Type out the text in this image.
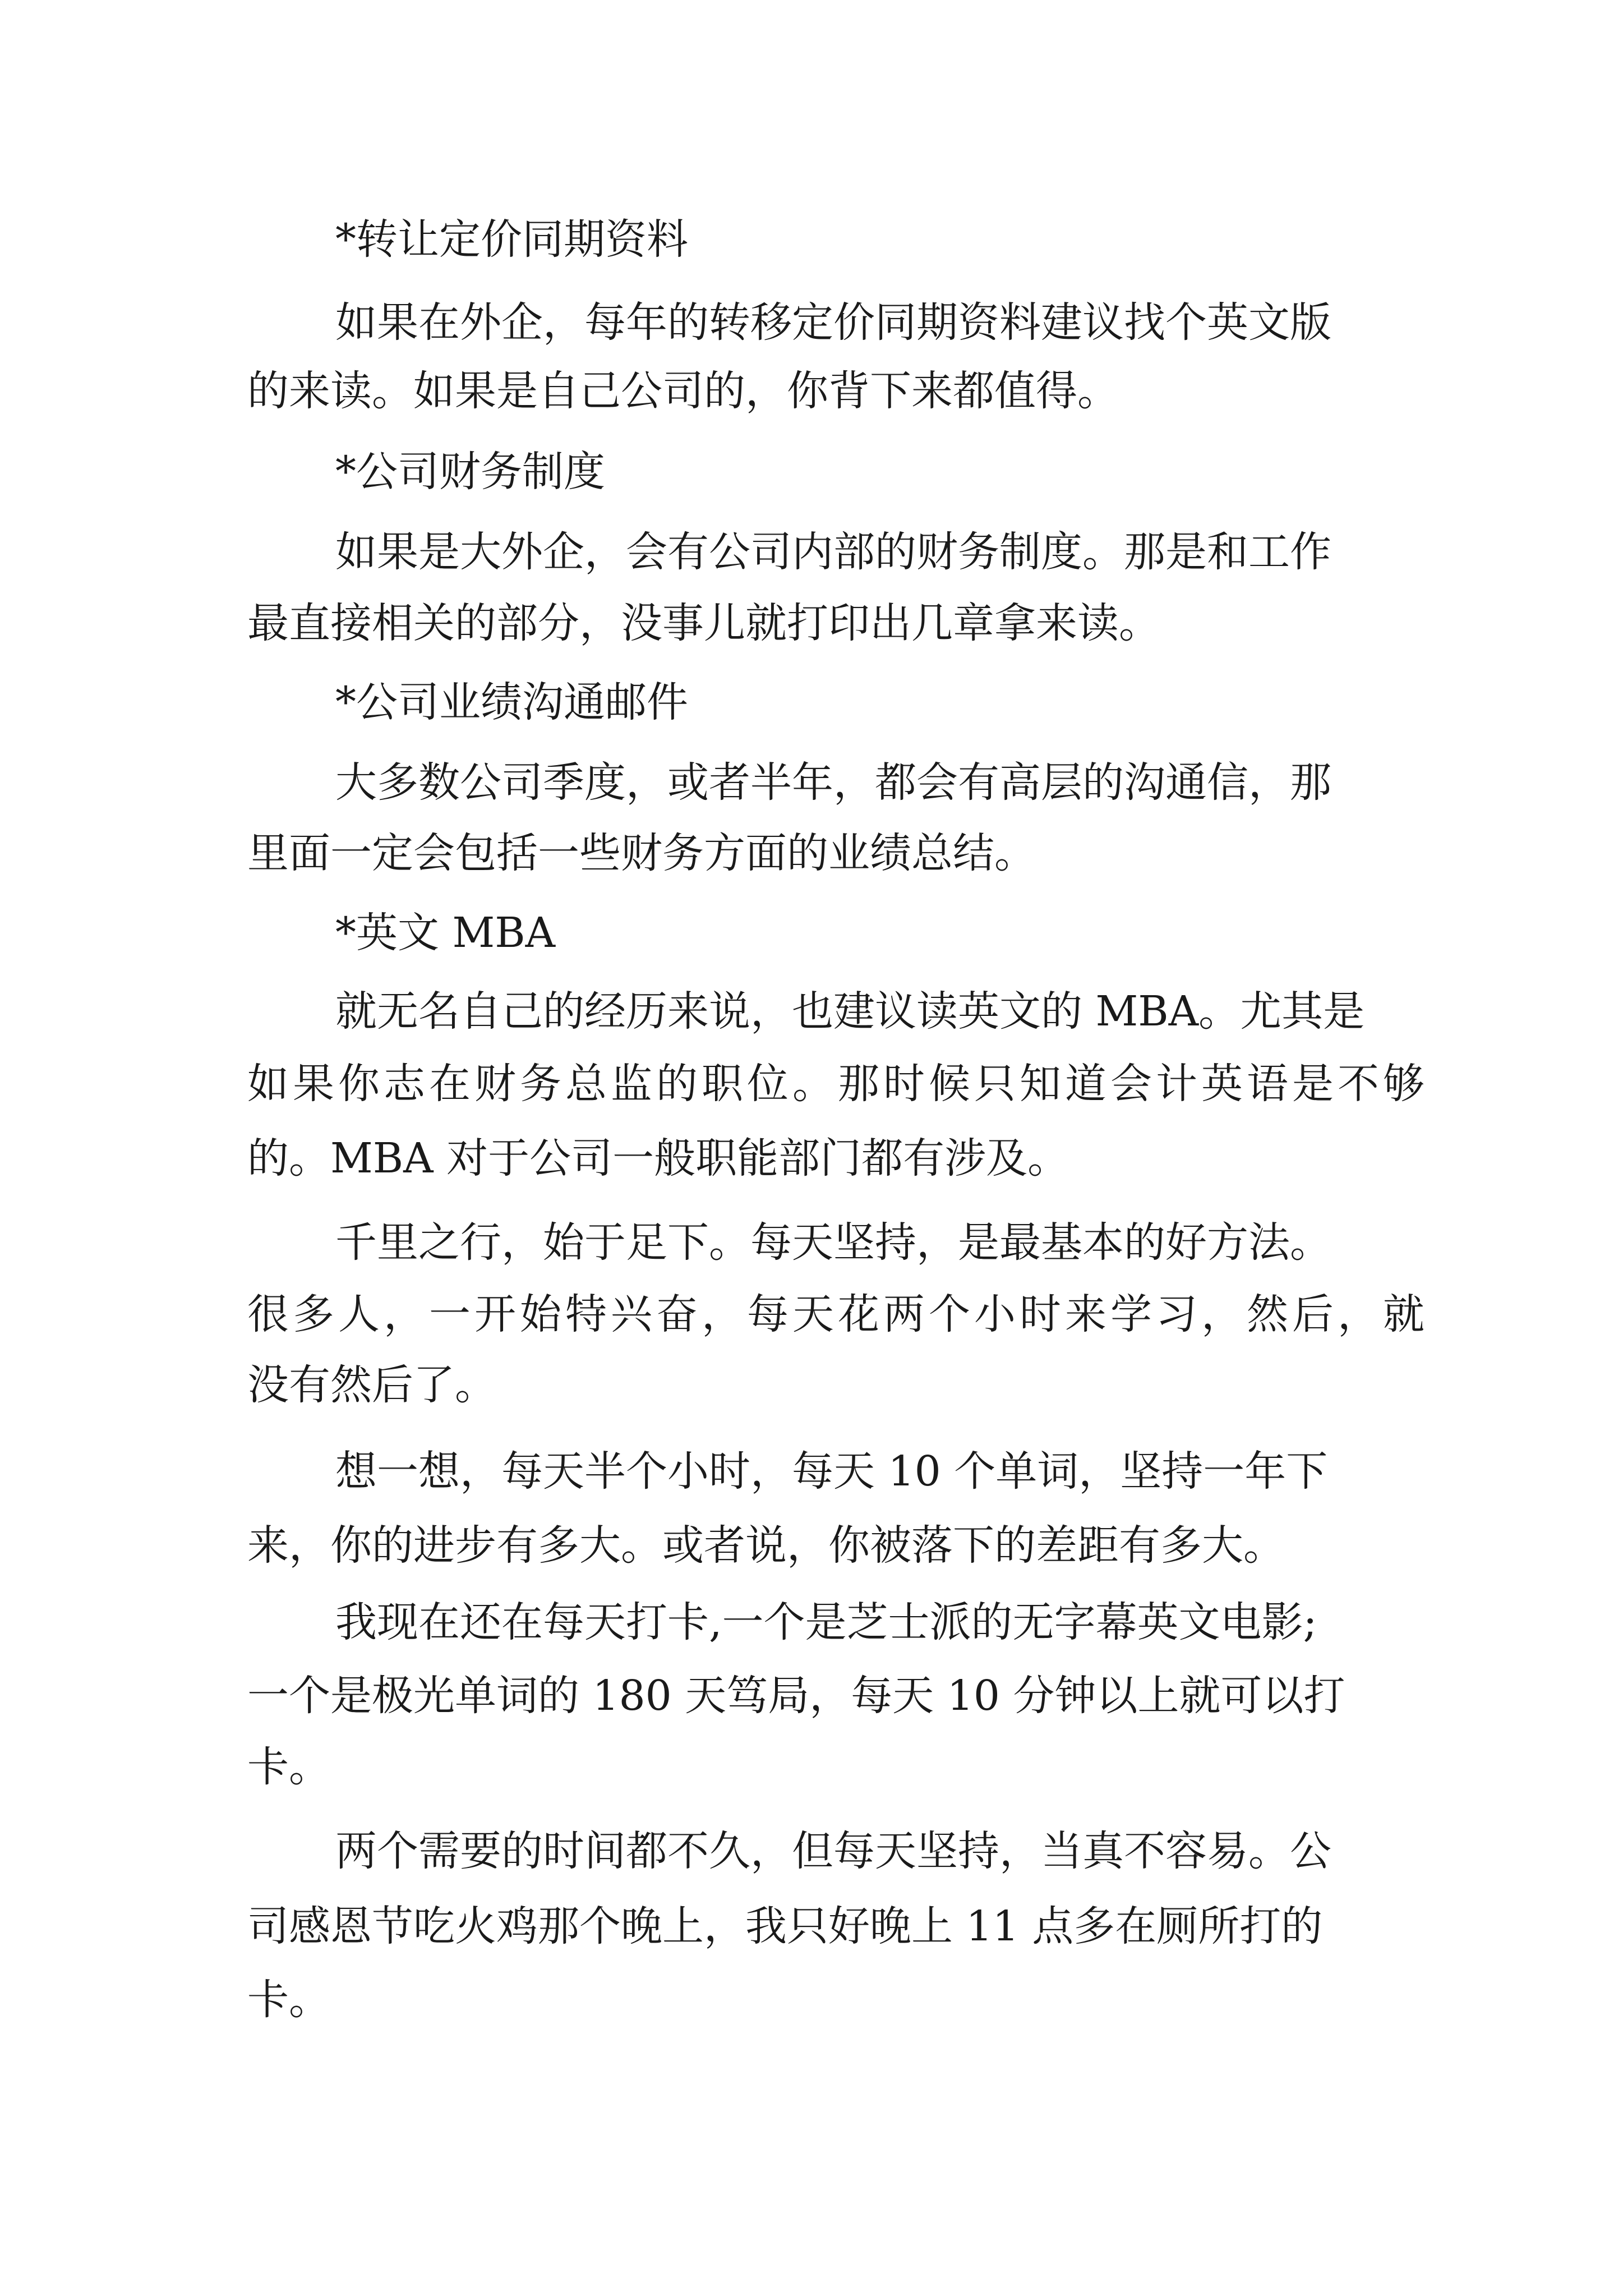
*转让定价同期资料

如果在外企，每年的转移定价同期资料建议找个英文版

的来读。如果是自己公司的，你背下来都值得。

*公司财务制度

如果是大外企，会有公司内部的财务制度。那是和工作

最直接相关的部分，没事儿就打印出几章拿来读。

*公司业绩沟通邮件

大多数公司季度，或者半年，都会有高层的沟通信，那

里面一定会包括一些财务方面的业绩总结。

*英文 MBA

就无名自己的经历来说，也建议读英文的 MBA。尤其是

如果你志在财务总监的职位。那时候只知道会计英语是不够

的。MBA 对于公司一般职能部门都有涉及。

千里之行，始于足下。每天坚持，是最基本的好方法。

很多人，一开始特兴奋，每天花两个小时来学习，然后，就

没有然后了。

想一想，每天半个小时，每天 10 个单词，坚持一年下

来，你的进步有多大。或者说，你被落下的差距有多大。

我现在还在每天打卡,一个是芝士派的无字幕英文电影;

一个是极光单词的 180 天笃局，每天 10 分钟以上就可以打

卡。

两个需要的时间都不久，但每天坚持，当真不容易。公

司感恩节吃火鸡那个晚上，我只好晚上 11 点多在厕所打的

卡。
